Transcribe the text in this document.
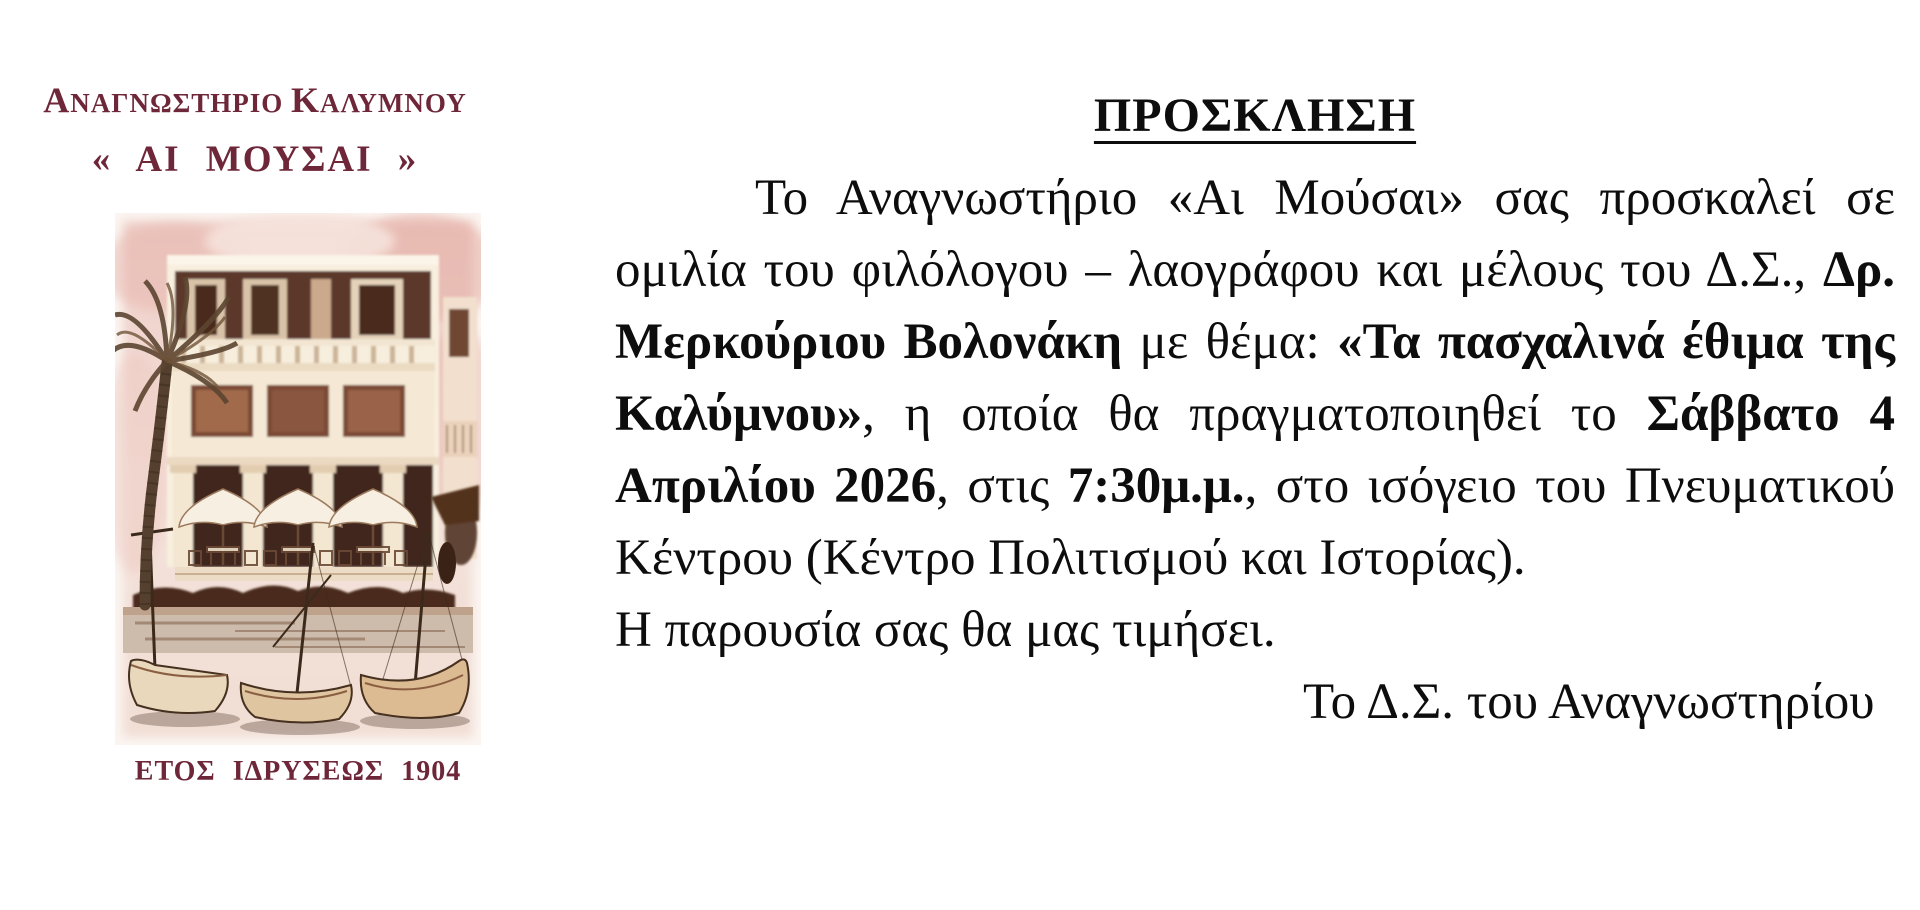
ΑΝΑΓΝΩΣΤΗΡΙΟ ΚΑΛΥΜΝΟΥ
« ΑΙ ΜΟΥΣΑΙ »
ΕΤΟΣ ΙΔΡΥΣΕΩΣ 1904
ΠΡΟΣΚΛΗΣΗ

Το Αναγνωστήριο «Αι Μούσαι» σας προσκαλεί σε ομιλία του φιλόλογου – λαογράφου και μέλους του Δ.Σ., Δρ. Μερκούριου Βολονάκη με θέμα: «Τα πασχαλινά έθιμα της Καλύμνου», η οποία θα πραγματοποιηθεί το Σάββατο 4 Απριλίου 2026, στις 7:30μ.μ., στο ισόγειο του Πνευματικού Κέντρου (Κέντρο Πολιτισμού και Ιστορίας).

Η παρουσία σας θα μας τιμήσει.

Το Δ.Σ. του Αναγνωστηρίου
